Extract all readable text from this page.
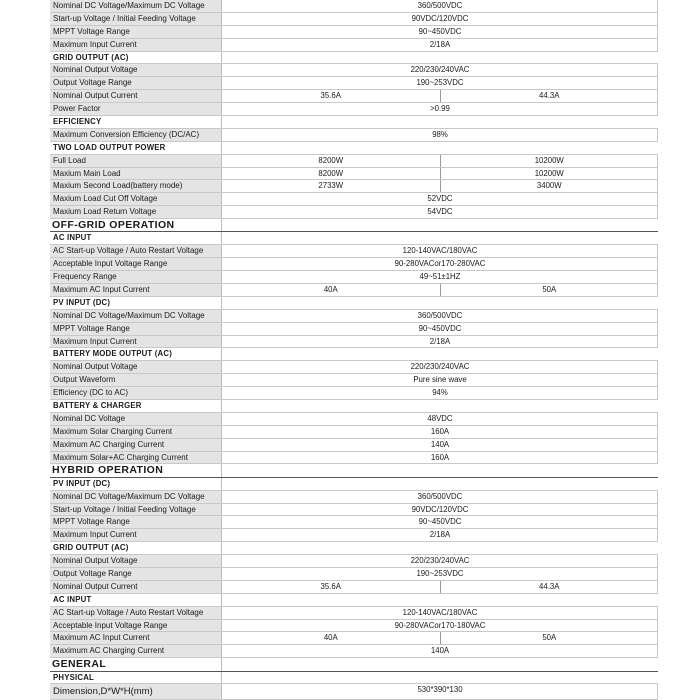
Nominal DC Voltage/Maximum DC Voltage	360/500VDC
Start-up Voltage / Initial Feeding Voltage	90VDC/120VDC
MPPT Voltage Range	90~450VDC
Maximum Input Current	2/18A
GRID OUTPUT (AC)
Nominal Output Voltage	220/230/240VAC
Output Voltage Range	190~253VDC
Nominal Output Current	35.6A	44.3A
Power Factor	>0.99
EFFICIENCY
Maximum Conversion Efficiency (DC/AC)	98%
TWO LOAD OUTPUT POWER
Full Load	8200W	10200W
Maxium Main Load	8200W	10200W
Maxium Second Load(battery mode)	2733W	3400W
Maxium Load Cut Off Voltage	52VDC
Maxium Load Return Voltage	54VDC
OFF-GRID OPERATION
AC INPUT
AC Start-up Voltage / Auto Restart Voltage	120-140VAC/180VAC
Acceptable Input Voltage Range	90-280VACor170-280VAC
Frequency Range	49~51±1HZ
Maximum AC Input Current	40A	50A
PV INPUT (DC)
Nominal DC Voltage/Maximum DC Voltage	360/500VDC
MPPT Voltage Range	90~450VDC
Maximum Input Current	2/18A
BATTERY MODE OUTPUT (AC)
Nominal Output Voltage	220/230/240VAC
Output Waveform	Pure sine wave
Efficiency (DC to AC)	94%
BATTERY & CHARGER
Nominal DC Voltage	48VDC
Maximum Solar Charging Current	160A
Maximum AC Charging Current	140A
Maximum Solar+AC Charging Current	160A
HYBRID OPERATION
PV INPUT (DC)
Nominal DC Voltage/Maximum DC Voltage	360/500VDC
Start-up Voltage / Initial Feeding Voltage	90VDC/120VDC
MPPT Voltage Range	90~450VDC
Maximum Input Current	2/18A
GRID OUTPUT (AC)
Nominal Output Voltage	220/230/240VAC
Output Voltage Range	190~253VDC
Nominal Output Current	35.6A	44.3A
AC INPUT
AC Start-up Voltage / Auto Restart Voltage	120-140VAC/180VAC
Acceptable Input Voltage Range	90-280VACor170-180VAC
Maximum AC Input Current	40A	50A
Maximum AC Charging Current	140A
GENERAL
PHYSICAL
Dimension,D*W*H(mm)	530*390*130
